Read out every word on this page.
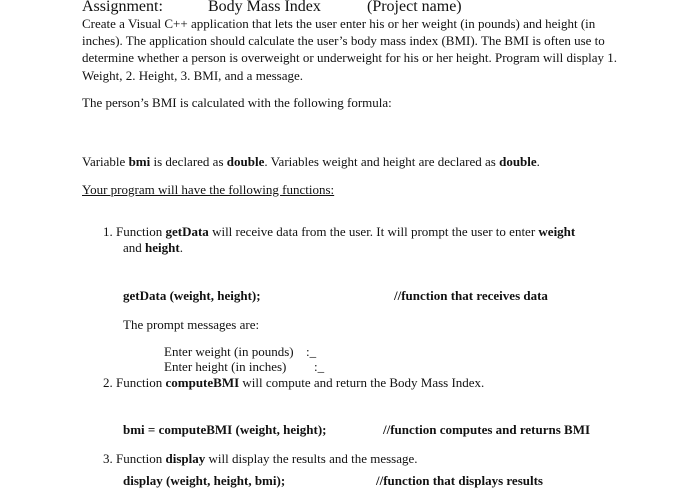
Assignment:	Body Mass Index	(Project name)
Create a Visual C++ application that lets the user enter his or her weight (in pounds) and height (in inches). The application should calculate the user’s body mass index (BMI). The BMI is often use to determine whether a person is overweight or underweight for his or her height. Program will display 1. Weight, 2. Height, 3. BMI, and a message.
The person’s BMI is calculated with the following formula:
Variable bmi is declared as double. Variables weight and height are declared as double.
Your program will have the following functions:
1. Function getData will receive data from the user. It will prompt the user to enter weight
and height.
getData (weight, height);	//function that receives data
The prompt messages are:
Enter weight (in pounds) :_
Enter height (in inches) :_
2. Function computeBMI will compute and return the Body Mass Index.
bmi = computeBMI (weight, height);	//function computes and returns BMI
3. Function display will display the results and the message.
display (weight, height, bmi);	//function that displays results
